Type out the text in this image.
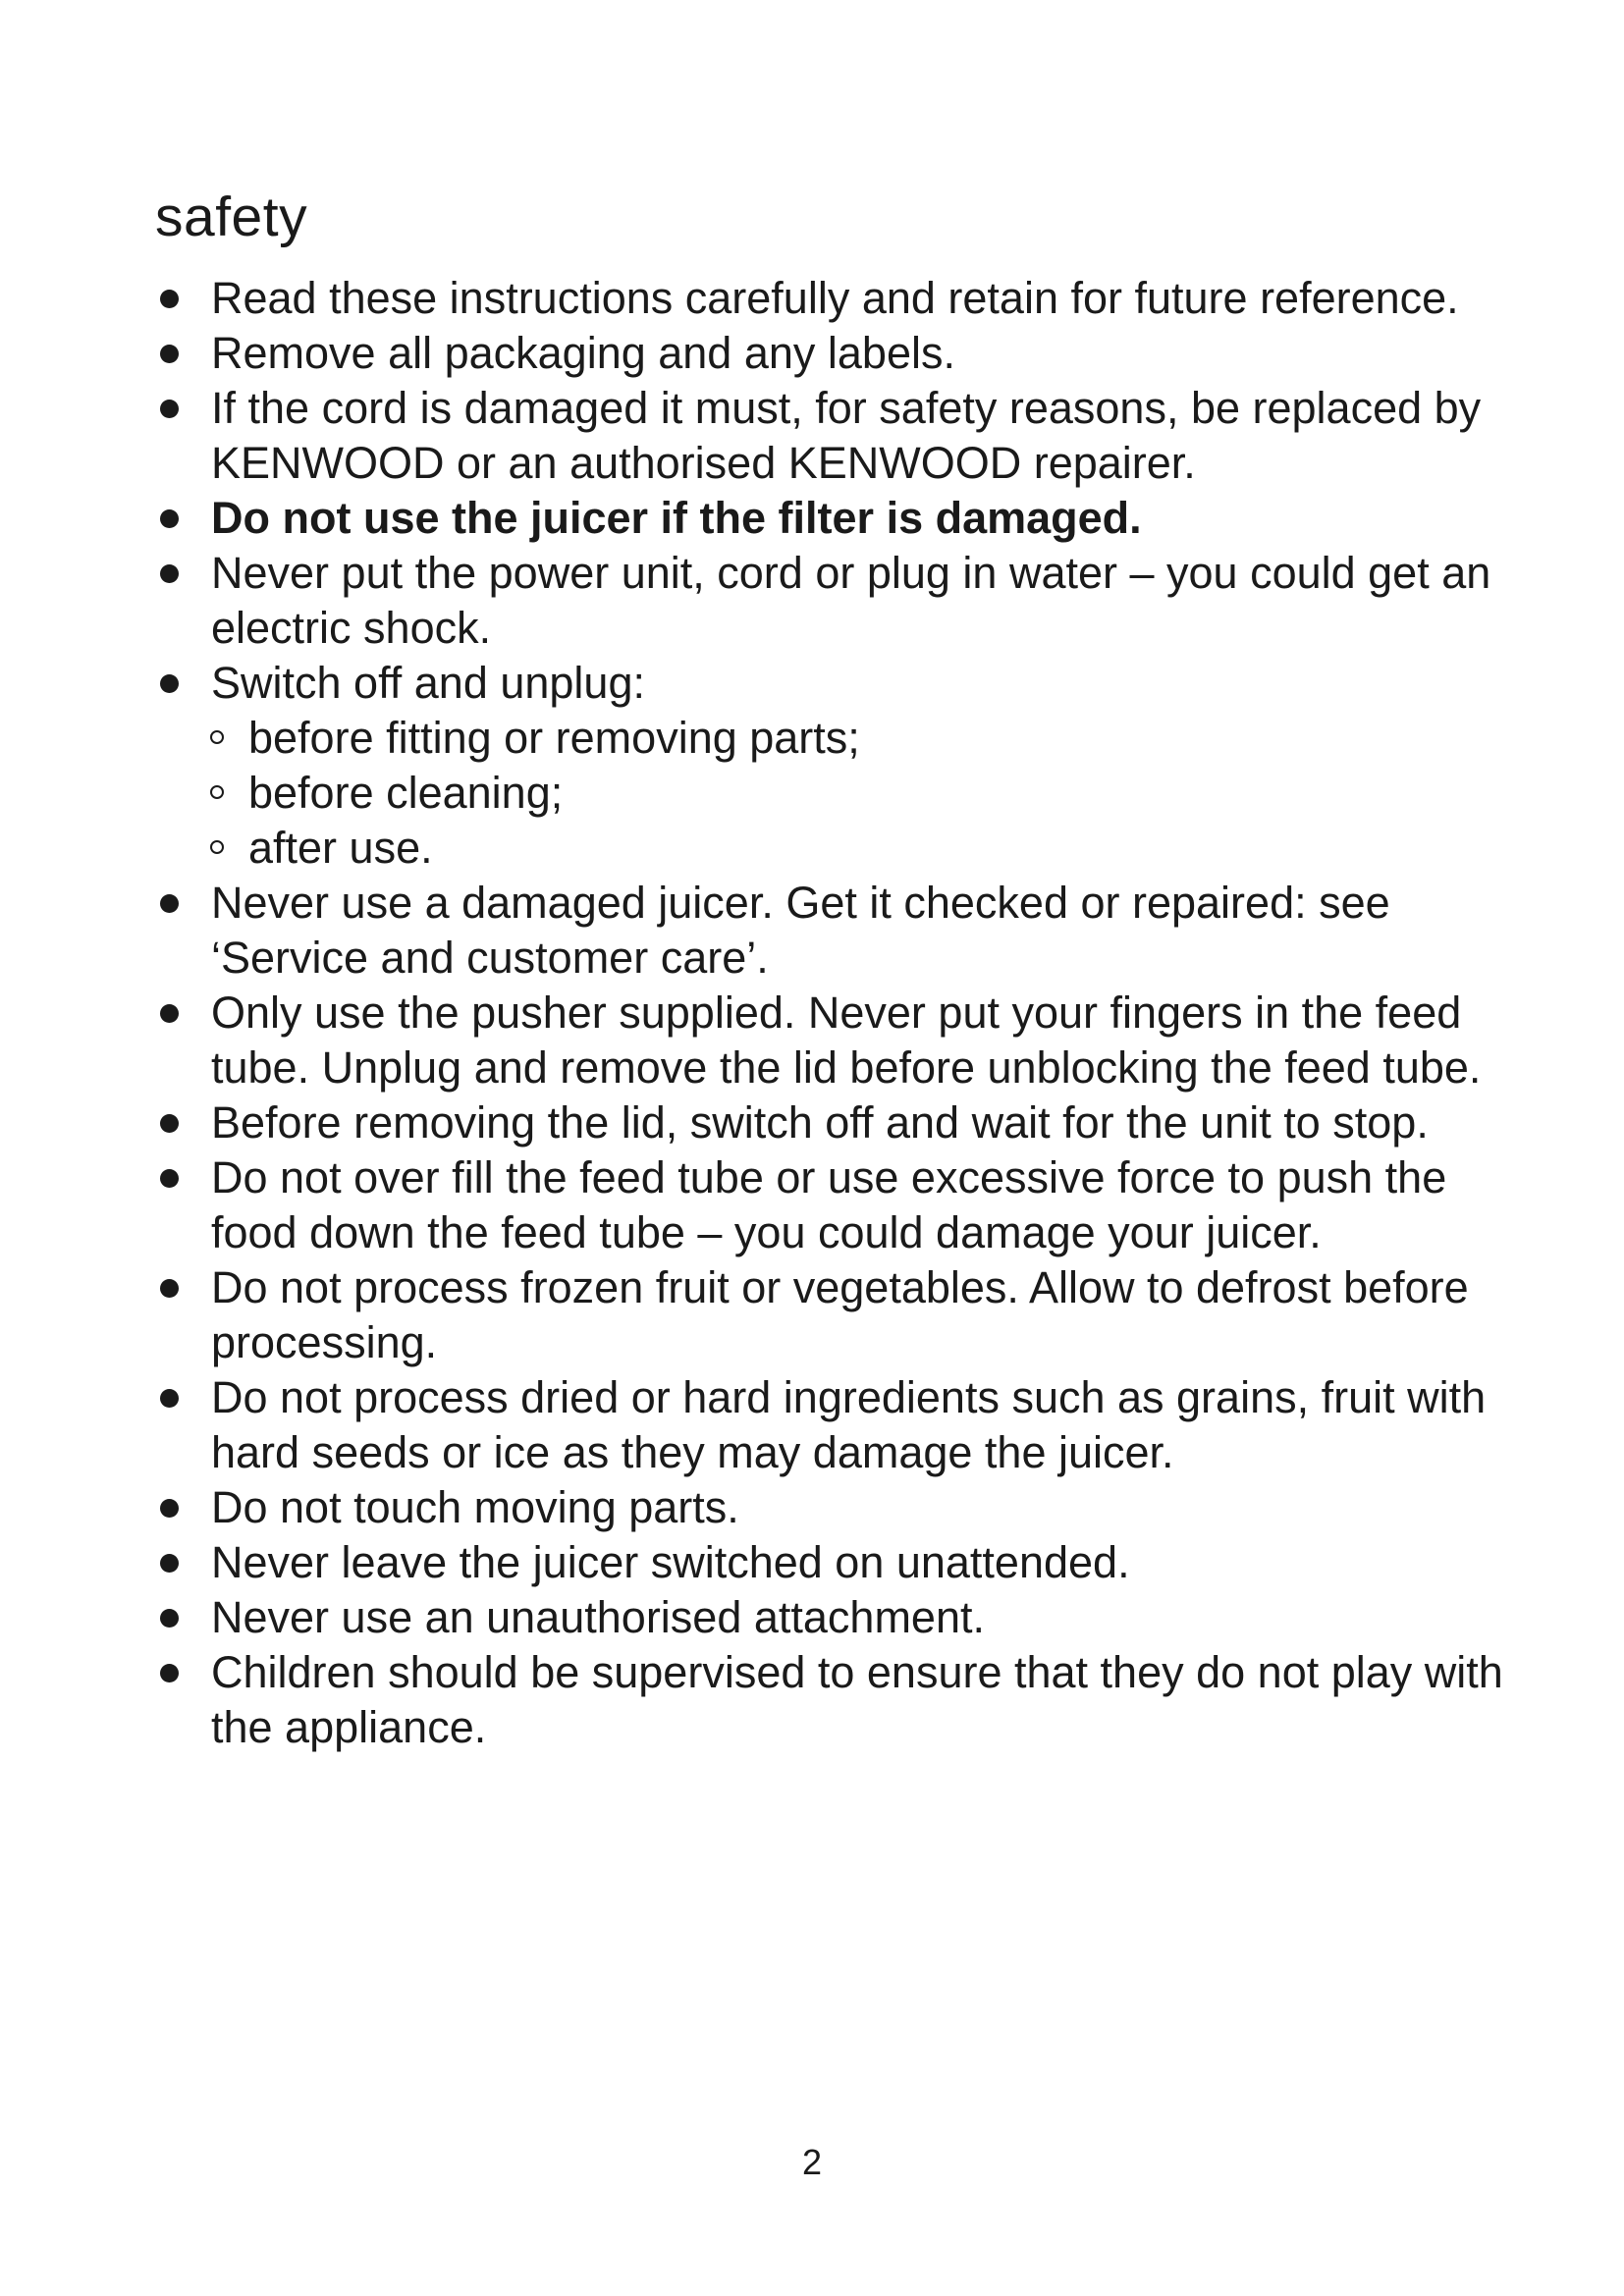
safety
Read these instructions carefully and retain for future reference.
Remove all packaging and any labels.
If the cord is damaged it must, for safety reasons, be replaced by KENWOOD or an authorised KENWOOD repairer.
Do not use the juicer if the filter is damaged.
Never put the power unit, cord or plug in water – you could get an electric shock.
Switch off and unplug:
before fitting or removing parts;
before cleaning;
after use.
Never use a damaged juicer. Get it checked or repaired: see ‘Service and customer care’.
Only use the pusher supplied. Never put your fingers in the feed tube. Unplug and remove the lid before unblocking the feed tube.
Before removing the lid, switch off and wait for the unit to stop.
Do not over fill the feed tube or use excessive force to push the food down the feed tube – you could damage your juicer.
Do not process frozen fruit or vegetables. Allow to defrost before processing.
Do not process dried or hard ingredients such as grains, fruit with hard seeds or ice as they may damage the juicer.
Do not touch moving parts.
Never leave the juicer switched on unattended.
Never use an unauthorised attachment.
Children should be supervised to ensure that they do not play with the appliance.
2
